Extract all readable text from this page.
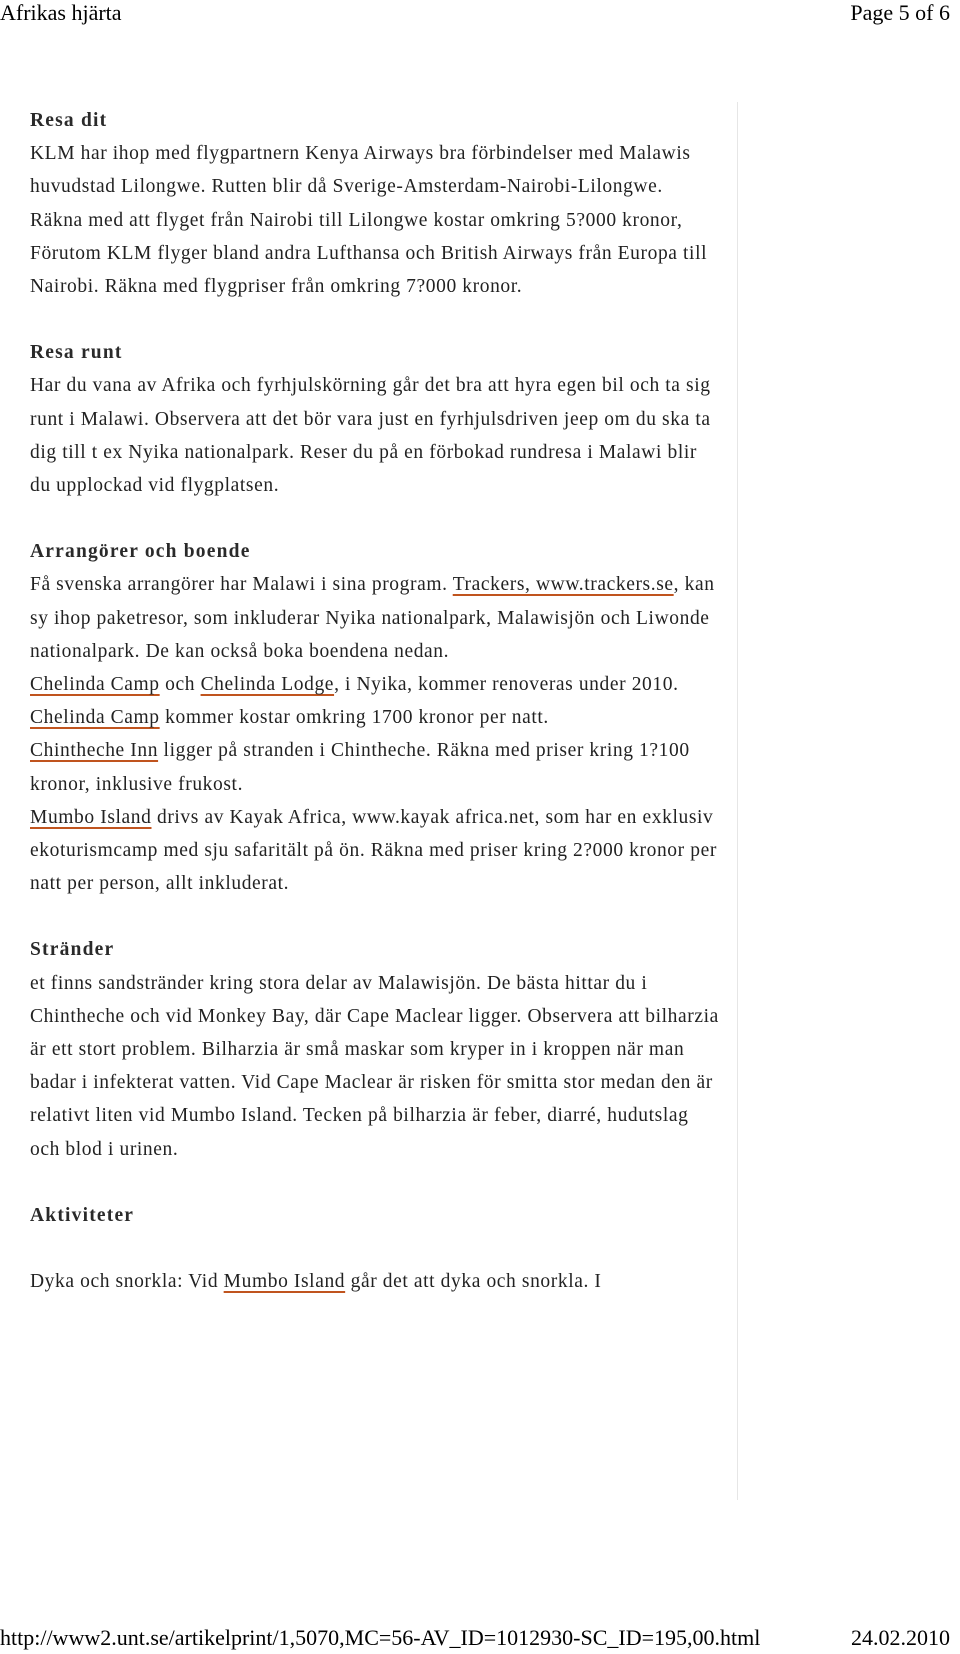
Afrikas hjärta	Page 5 of 6

Resa dit

KLM har ihop med flygpartnern Kenya Airways bra förbindelser med Malawis huvudstad Lilongwe. Rutten blir då Sverige-Amsterdam-Nairobi-Lilongwe. Räkna med att flyget från Nairobi till Lilongwe kostar omkring 5?000 kronor, Förutom KLM flyger bland andra Lufthansa och British Airways från Europa till Nairobi. Räkna med flygpriser från omkring 7?000 kronor.

Resa runt

Har du vana av Afrika och fyrhjulskörning går det bra att hyra egen bil och ta sig runt i Malawi. Observera att det bör vara just en fyrhjulsdriven jeep om du ska ta dig till t ex Nyika nationalpark. Reser du på en förbokad rundresa i Malawi blir du upplockad vid flygplatsen.

Arrangörer och boende

Få svenska arrangörer har Malawi i sina program. Trackers, www.trackers.se, kan sy ihop paketresor, som inkluderar Nyika nationalpark, Malawisjön och Liwonde nationalpark. De kan också boka boendena nedan.

Chelinda Camp och Chelinda Lodge, i Nyika, kommer renoveras under 2010. Chelinda Camp kommer kostar omkring 1700 kronor per natt.

Chintheche Inn ligger på stranden i Chintheche. Räkna med priser kring 1?100 kronor, inklusive frukost.

Mumbo Island drivs av Kayak Africa, www.kayak africa.net, som har en exklusiv ekoturismcamp med sju safaritält på ön. Räkna med priser kring 2?000 kronor per natt per person, allt inkluderat.

Stränder

et finns sandstränder kring stora delar av Malawisjön. De bästa hittar du i Chintheche och vid Monkey Bay, där Cape Maclear ligger. Observera att bilharzia är ett stort problem. Bilharzia är små maskar som kryper in i kroppen när man badar i infekterat vatten. Vid Cape Maclear är risken för smitta stor medan den är relativt liten vid Mumbo Island. Tecken på bilharzia är feber, diarré, hudutslag och blod i urinen.

Aktiviteter

Dyka och snorkla: Vid Mumbo Island går det att dyka och snorkla. I

http://www2.unt.se/artikelprint/1,5070,MC=56-AV_ID=1012930-SC_ID=195,00.html	24.02.2010
